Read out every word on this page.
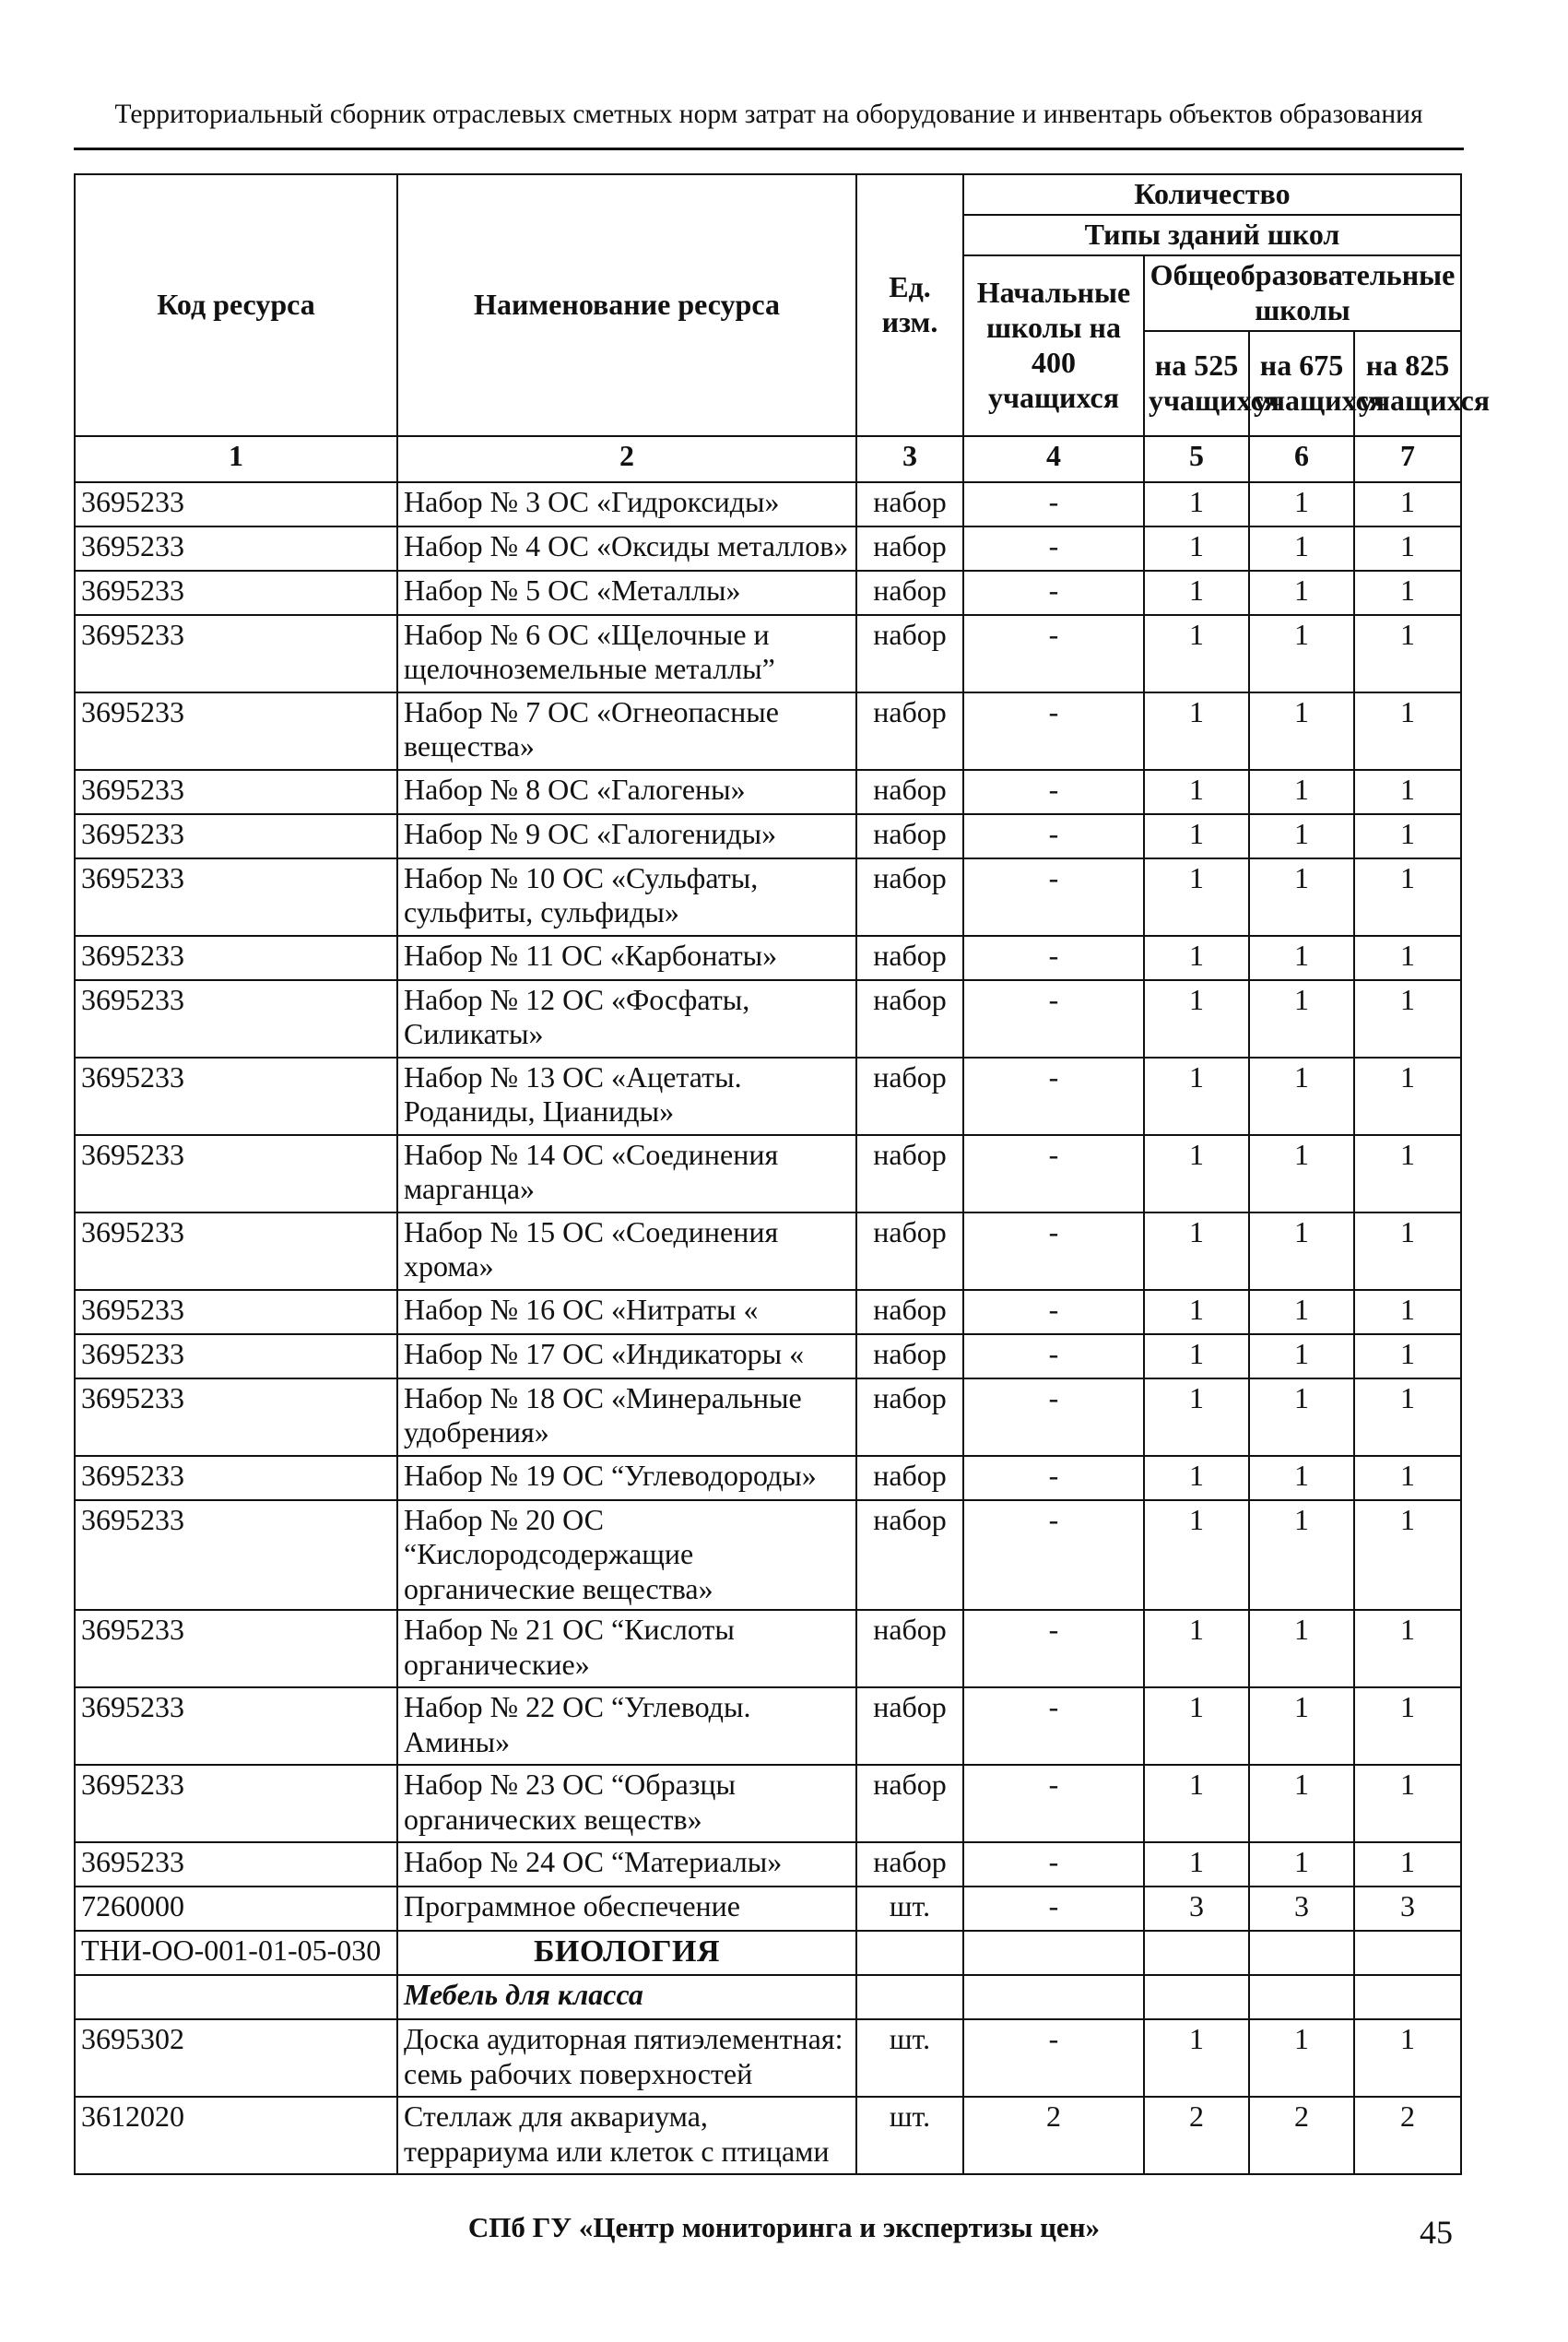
Территориальный сборник отраслевых сметных норм затрат на оборудование и инвентарь объектов образования
Код ресурса	Наименование ресурса	Ед. изм.	Количество			
			Типы зданий школ			
			Начальные школы на 400 учащихся	Общеобразовательные школы		
				на 525 учащихся	на 675 учащихся	на 825 учащихся
1	2	3	4	5	6	7
3695233	Набор № 3 ОС «Гидроксиды»	набор	-	1	1	1
3695233	Набор № 4 ОС «Оксиды металлов»	набор	-	1	1	1
3695233	Набор № 5 ОС «Металлы»	набор	-	1	1	1
3695233	Набор № 6 ОС «Щелочные и щелочноземельные металлы”	набор	-	1	1	1
3695233	Набор № 7 ОС «Огнеопасные вещества»	набор	-	1	1	1
3695233	Набор № 8 ОС «Галогены»	набор	-	1	1	1
3695233	Набор № 9 ОС «Галогениды»	набор	-	1	1	1
3695233	Набор № 10 ОС «Сульфаты, сульфиты, сульфиды»	набор	-	1	1	1
3695233	Набор № 11 ОС «Карбонаты»	набор	-	1	1	1
3695233	Набор № 12 ОС «Фосфаты, Силикаты»	набор	-	1	1	1
3695233	Набор № 13 ОС «Ацетаты. Роданиды, Цианиды»	набор	-	1	1	1
3695233	Набор № 14 ОС «Соединения марганца»	набор	-	1	1	1
3695233	Набор № 15 ОС «Соединения хрома»	набор	-	1	1	1
3695233	Набор № 16 ОС «Нитраты «	набор	-	1	1	1
3695233	Набор № 17 ОС «Индикаторы «	набор	-	1	1	1
3695233	Набор № 18 ОС «Минеральные удобрения»	набор	-	1	1	1
3695233	Набор № 19 ОС “Углеводороды»	набор	-	1	1	1
3695233	Набор № 20 ОС “Кислородсодержащие органические вещества»	набор	-	1	1	1
3695233	Набор № 21 ОС “Кислоты органические»	набор	-	1	1	1
3695233	Набор № 22 ОС “Углеводы. Амины»	набор	-	1	1	1
3695233	Набор № 23 ОС “Образцы органических веществ»	набор	-	1	1	1
3695233	Набор № 24 ОС “Материалы»	набор	-	1	1	1
7260000	Программное обеспечение	шт.	-	3	3	3
ТНИ-ОО-001-01-05-030	БИОЛОГИЯ					
	Мебель для класса					
3695302	Доска аудиторная пятиэлементная: семь рабочих поверхностей	шт.	-	1	1	1
3612020	Стеллаж для аквариума, террариума или клеток с птицами	шт.	2	2	2	2
СПб ГУ «Центр мониторинга и экспертизы цен»	45
